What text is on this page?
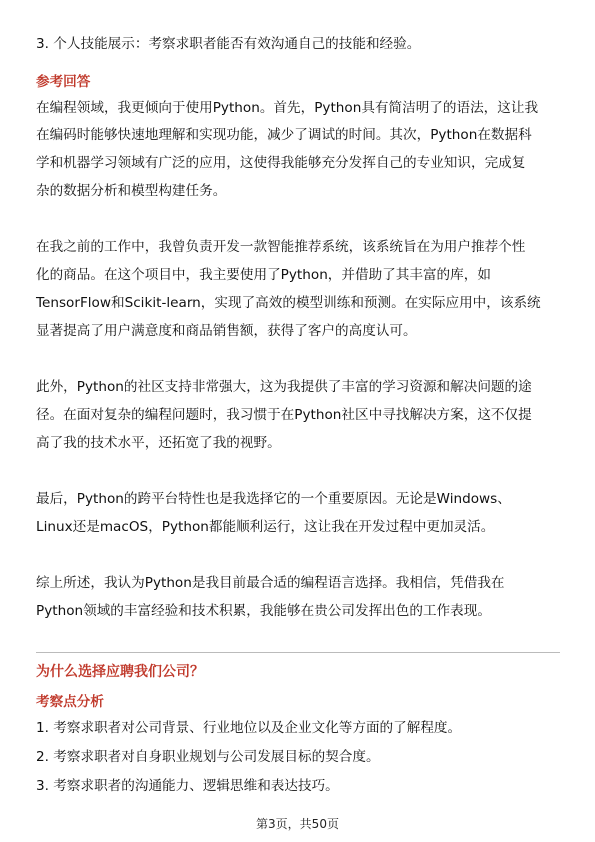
3. 个人技能展示：考察求职者能否有效沟通自己的技能和经验。
参考回答
在编程领域，我更倾向于使用Python。首先，Python具有简洁明了的语法，这让我
在编码时能够快速地理解和实现功能，减少了调试的时间。其次，Python在数据科
学和机器学习领域有广泛的应用，这使得我能够充分发挥自己的专业知识，完成复
杂的数据分析和模型构建任务。
在我之前的工作中，我曾负责开发一款智能推荐系统，该系统旨在为用户推荐个性
化的商品。在这个项目中，我主要使用了Python，并借助了其丰富的库，如
TensorFlow和Scikit-learn，实现了高效的模型训练和预测。在实际应用中，该系统
显著提高了用户满意度和商品销售额，获得了客户的高度认可。
此外，Python的社区支持非常强大，这为我提供了丰富的学习资源和解决问题的途
径。在面对复杂的编程问题时，我习惯于在Python社区中寻找解决方案，这不仅提
高了我的技术水平，还拓宽了我的视野。
最后，Python的跨平台特性也是我选择它的一个重要原因。无论是Windows、
Linux还是macOS，Python都能顺利运行，这让我在开发过程中更加灵活。
综上所述，我认为Python是我目前最合适的编程语言选择。我相信，凭借我在
Python领域的丰富经验和技术积累，我能够在贵公司发挥出色的工作表现。
为什么选择应聘我们公司？
考察点分析
1. 考察求职者对公司背景、行业地位以及企业文化等方面的了解程度。
2. 考察求职者对自身职业规划与公司发展目标的契合度。
3. 考察求职者的沟通能力、逻辑思维和表达技巧。
第3页，共50页
